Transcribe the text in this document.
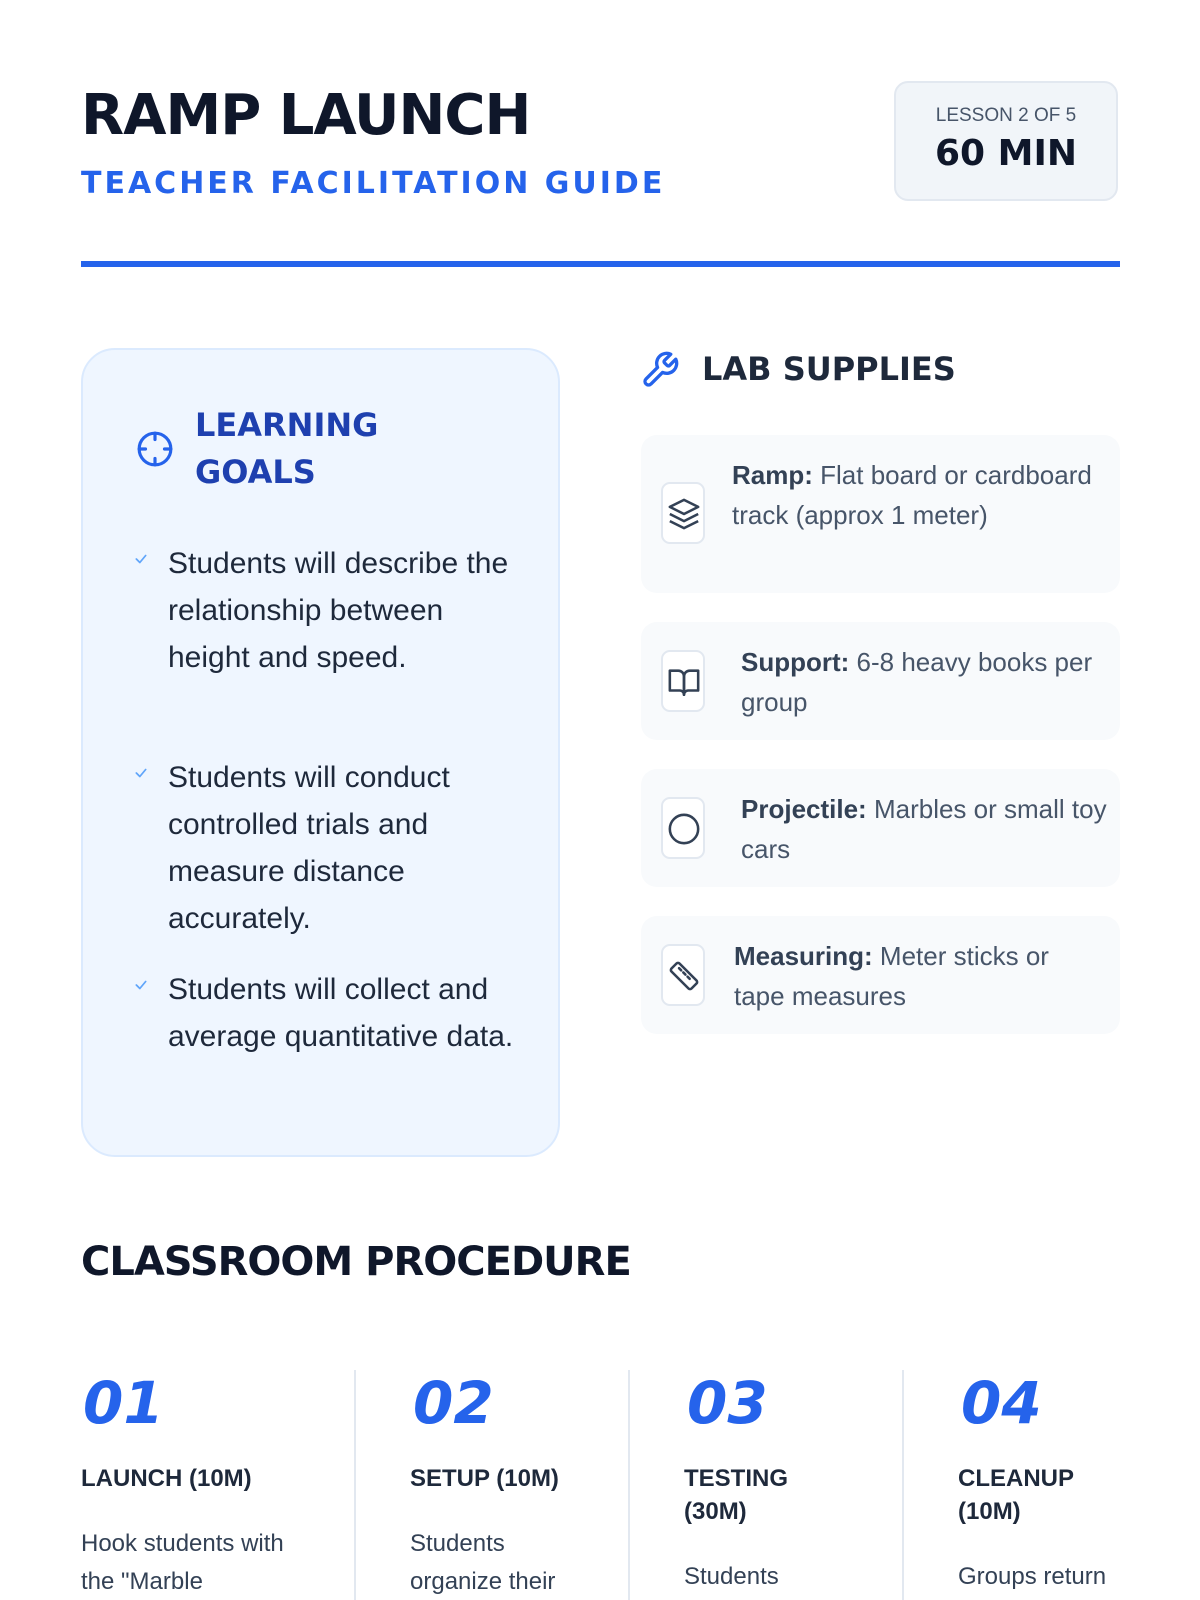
RAMP LAUNCH
TEACHER FACILITATION GUIDE
LESSON 2 OF 5
60 MIN
LEARNING GOALS
Students will describe the relationship between height and speed.
Students will conduct controlled trials and measure distance accurately.
Students will collect and average quantitative data.
LAB SUPPLIES
Ramp: Flat board or cardboard track (approx 1 meter)
Support: 6-8 heavy books per group
Projectile: Marbles or small toy cars
Measuring: Meter sticks or tape measures
CLASSROOM PROCEDURE
01
LAUNCH (10M)
Hook students with the "Marble
02
SETUP (10M)
Students organize their
03
TESTING (30M)
Students
04
CLEANUP (10M)
Groups return
